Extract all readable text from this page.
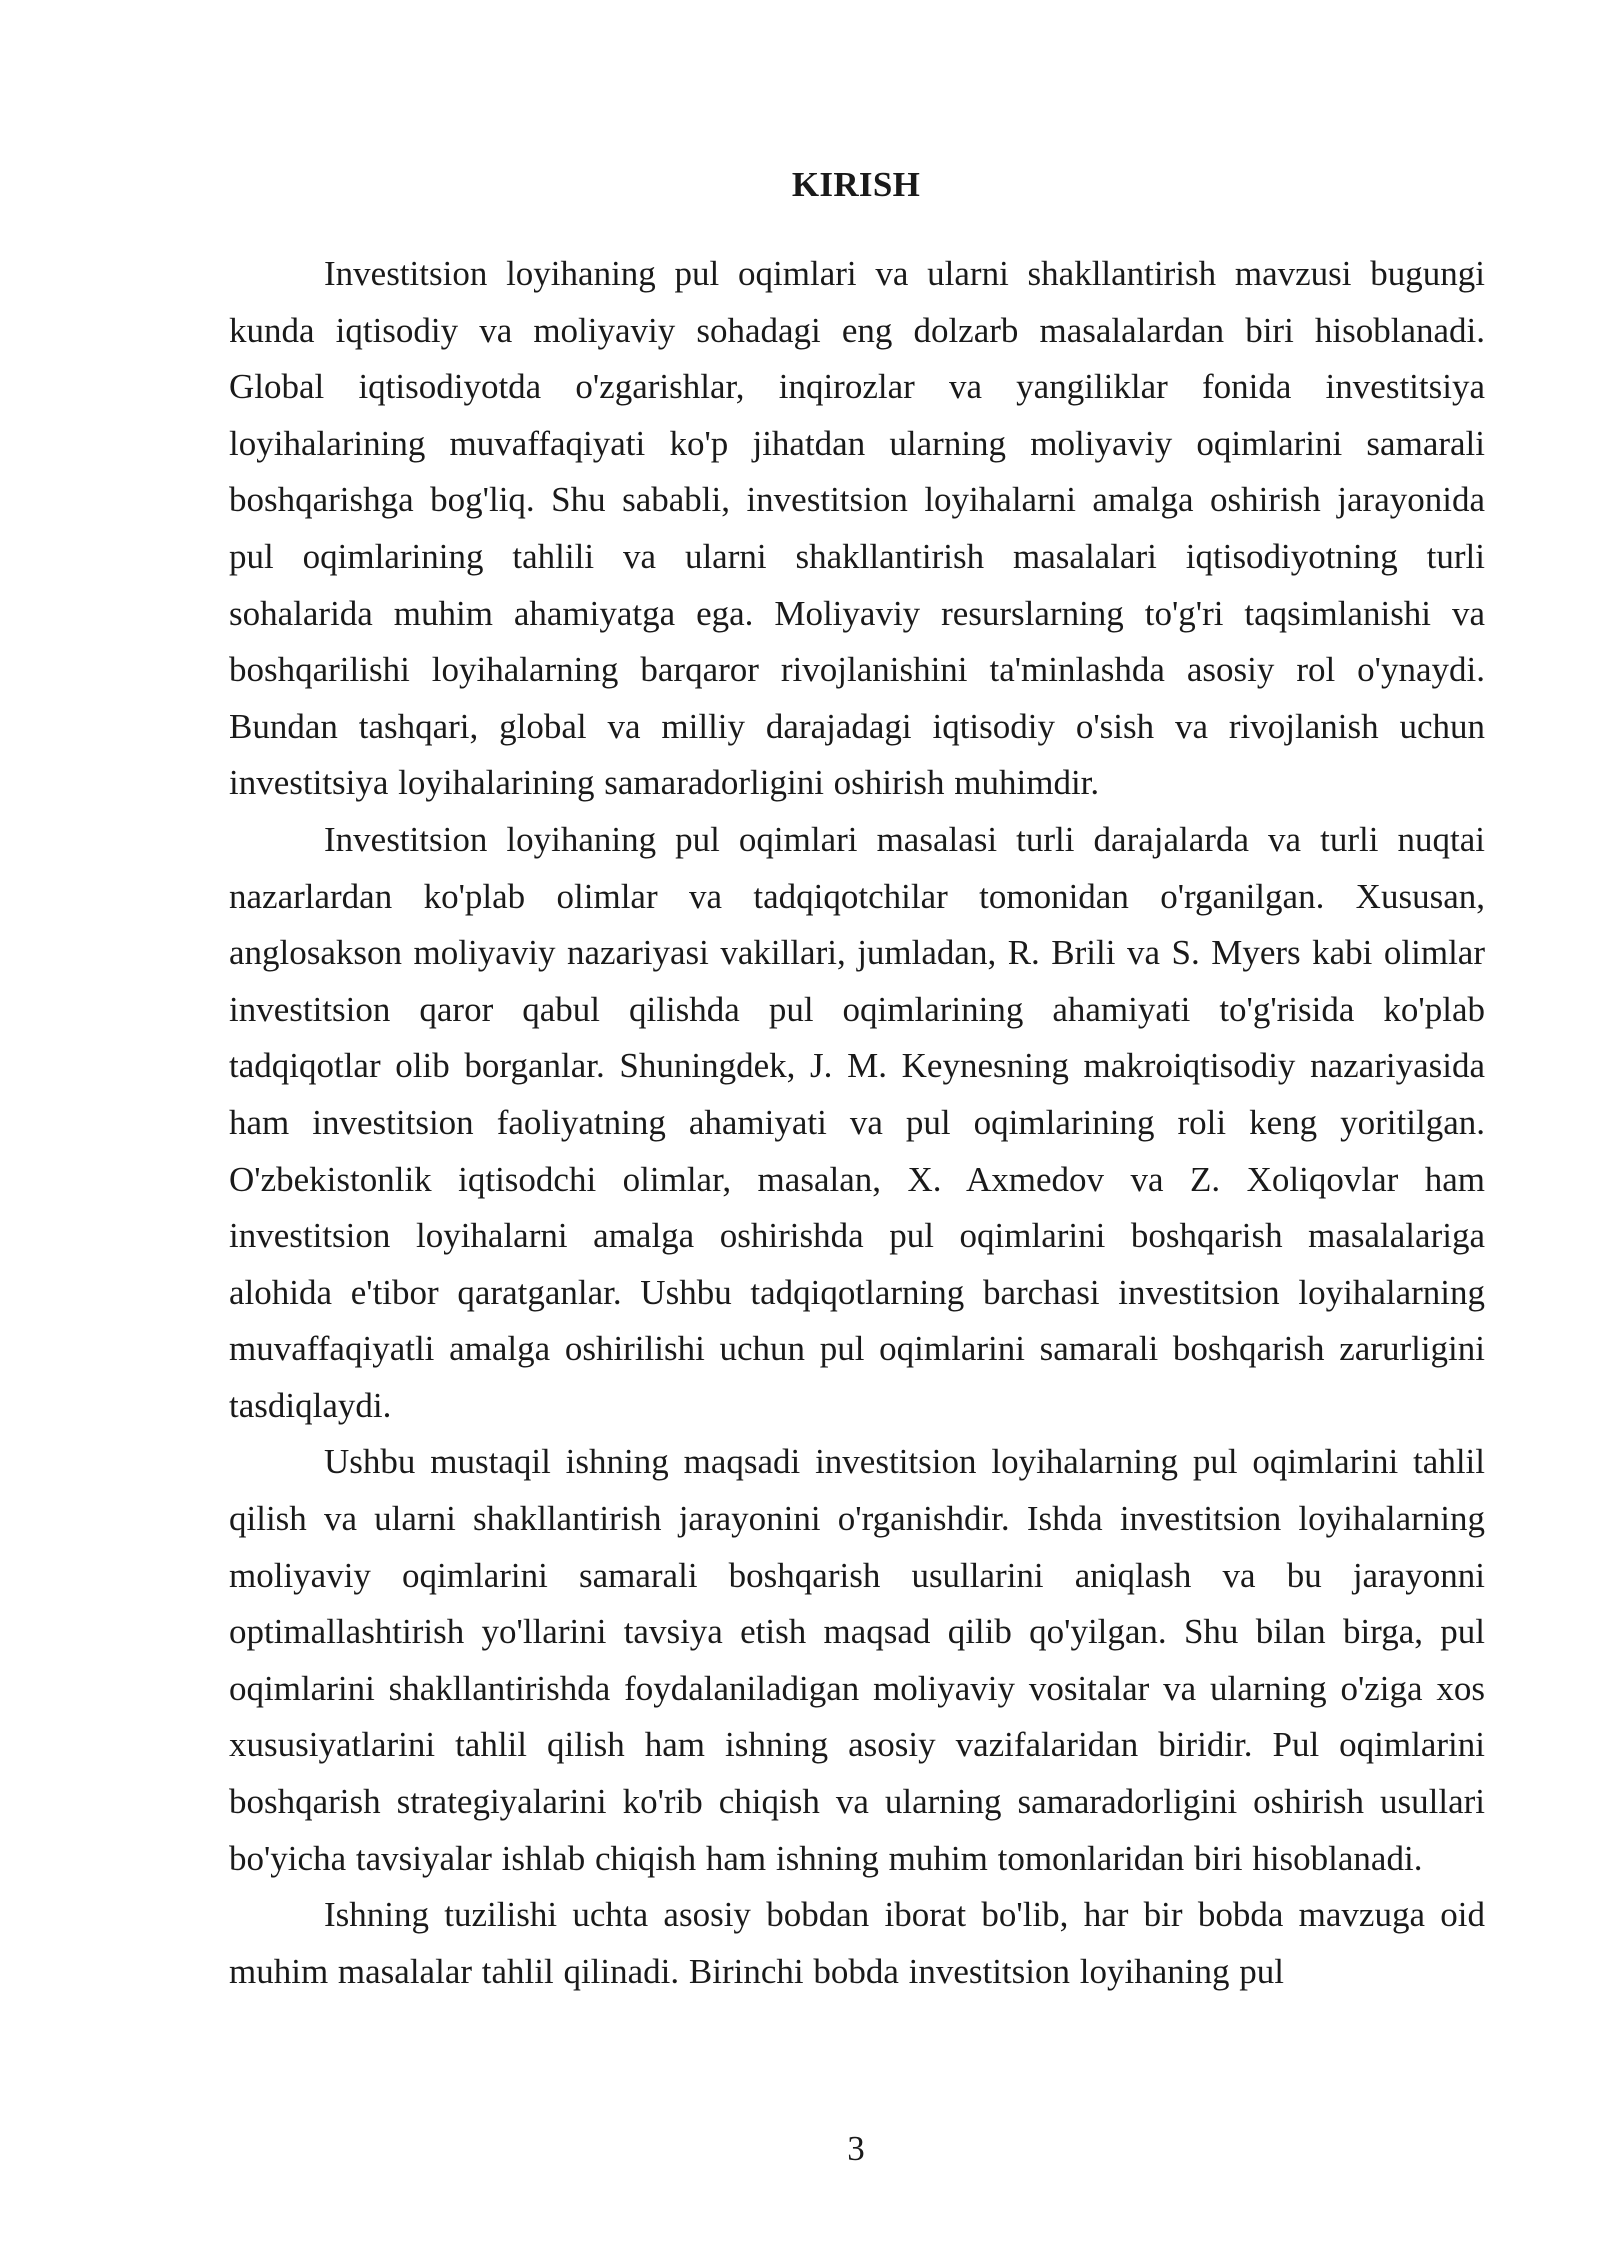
KIRISH

Investitsion loyihaning pul oqimlari va ularni shakllantirish mavzusi bugungi kunda iqtisodiy va moliyaviy sohadagi eng dolzarb masalalardan biri hisoblanadi. Global iqtisodiyotda o'zgarishlar, inqirozlar va yangiliklar fonida investitsiya loyihalarining muvaffaqiyati ko'p jihatdan ularning moliyaviy oqimlarini samarali boshqarishga bog'liq. Shu sababli, investitsion loyihalarni amalga oshirish jarayonida pul oqimlarining tahlili va ularni shakllantirish masalalari iqtisodiyotning turli sohalarida muhim ahamiyatga ega. Moliyaviy resurslarning to'g'ri taqsimlanishi va boshqarilishi loyihalarning barqaror rivojlanishini ta'minlashda asosiy rol o'ynaydi. Bundan tashqari, global va milliy darajadagi iqtisodiy o'sish va rivojlanish uchun investitsiya loyihalarining samaradorligini oshirish muhimdir.

Investitsion loyihaning pul oqimlari masalasi turli darajalarda va turli nuqtai nazarlardan ko'plab olimlar va tadqiqotchilar tomonidan o'rganilgan. Xususan, anglosakson moliyaviy nazariyasi vakillari, jumladan, R. Brili va S. Myers kabi olimlar investitsion qaror qabul qilishda pul oqimlarining ahamiyati to'g'risida ko'plab tadqiqotlar olib borganlar. Shuningdek, J. M. Keynesning makroiqtisodiy nazariyasida ham investitsion faoliyatning ahamiyati va pul oqimlarining roli keng yoritilgan. O'zbekistonlik iqtisodchi olimlar, masalan, X. Axmedov va Z. Xoliqovlar ham investitsion loyihalarni amalga oshirishda pul oqimlarini boshqarish masalalariga alohida e'tibor qaratganlar. Ushbu tadqiqotlarning barchasi investitsion loyihalarning muvaffaqiyatli amalga oshirilishi uchun pul oqimlarini samarali boshqarish zarurligini tasdiqlaydi.

Ushbu mustaqil ishning maqsadi investitsion loyihalarning pul oqimlarini tahlil qilish va ularni shakllantirish jarayonini o'rganishdir. Ishda investitsion loyihalarning moliyaviy oqimlarini samarali boshqarish usullarini aniqlash va bu jarayonni optimallashtirish yo'llarini tavsiya etish maqsad qilib qo'yilgan. Shu bilan birga, pul oqimlarini shakllantirishda foydalaniladigan moliyaviy vositalar va ularning o'ziga xos xususiyatlarini tahlil qilish ham ishning asosiy vazifalaridan biridir. Pul oqimlarini boshqarish strategiyalarini ko'rib chiqish va ularning samaradorligini oshirish usullari bo'yicha tavsiyalar ishlab chiqish ham ishning muhim tomonlaridan biri hisoblanadi.

Ishning tuzilishi uchta asosiy bobdan iborat bo'lib, har bir bobda mavzuga oid muhim masalalar tahlil qilinadi. Birinchi bobda investitsion loyihaning pul

3
